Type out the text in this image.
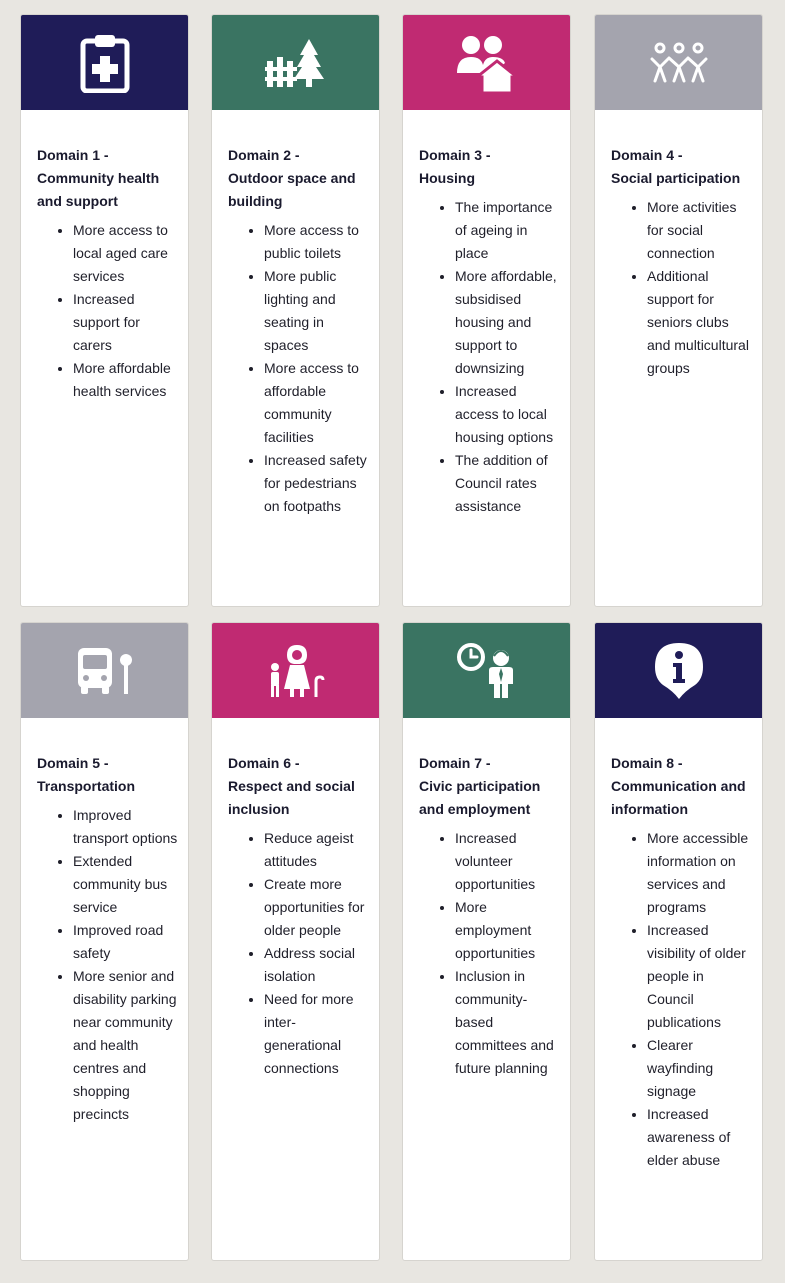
Domain 1 -
Community health and support
• More access to local aged care services
• Increased support for carers
• More affordable health services
Domain 2 -
Outdoor space and building
• More access to public toilets
• More public lighting and seating in spaces
• More access to affordable community facilities
• Increased safety for pedestrians on footpaths
Domain 3 -
Housing
• The importance of ageing in place
• More affordable, subsidised housing and support to downsizing
• Increased access to local housing options
• The addition of Council rates assistance
Domain 4 -
Social participation
• More activities for social connection
• Additional support for seniors clubs and multicultural groups
Domain 5 -
Transportation
• Improved transport options
• Extended community bus service
• Improved road safety
• More senior and disability parking near community and health centres and shopping precincts
Domain 6 -
Respect and social inclusion
• Reduce ageist attitudes
• Create more opportunities for older people
• Address social isolation
• Need for more inter-generational connections
Domain 7 -
Civic participation and employment
• Increased volunteer opportunities
• More employment opportunities
• Inclusion in community-based committees and future planning
Domain 8 -
Communication and information
• More accessible information on services and programs
• Increased visibility of older people in Council publications
• Clearer wayfinding signage
• Increased awareness of elder abuse
